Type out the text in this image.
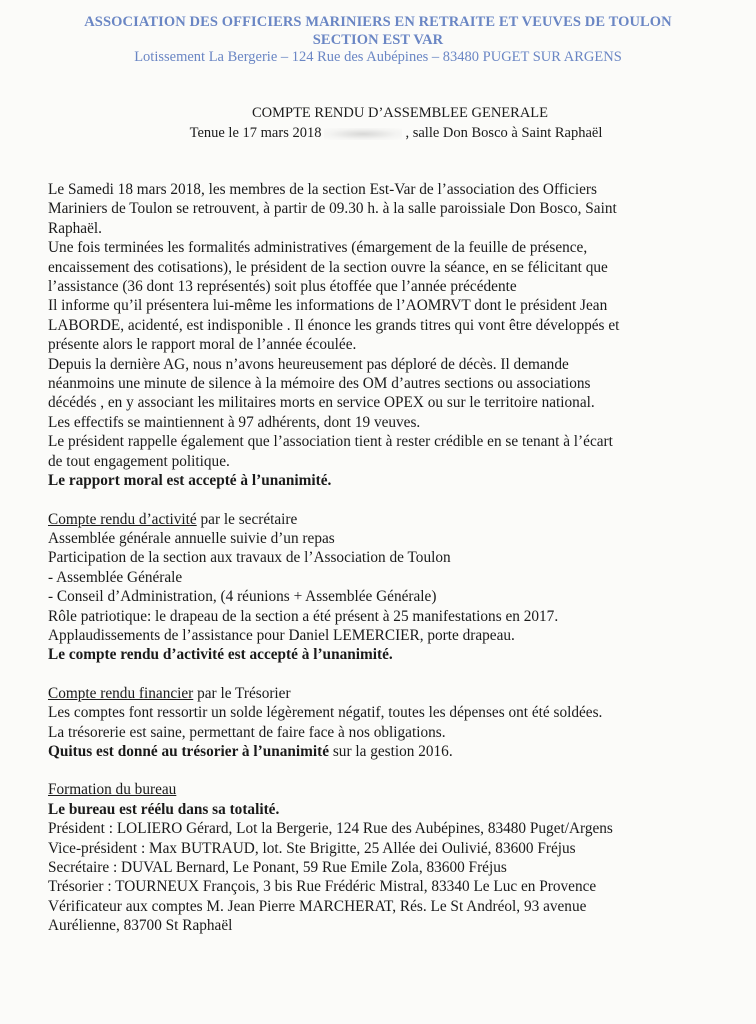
ASSOCIATION DES OFFICIERS MARINIERS EN RETRAITE ET VEUVES DE TOULON
SECTION EST VAR
Lotissement La Bergerie – 124 Rue des Aubépines – 83480 PUGET SUR ARGENS
COMPTE RENDU D’ASSEMBLEE GENERALE
Tenue le 17 mars 2018	, salle Don Bosco à Saint Raphaël

Le Samedi 18 mars 2018, les membres de la section Est-Var de l’association des Officiers

Mariniers de Toulon se retrouvent, à partir de 09.30 h. à la salle paroissiale Don Bosco, Saint

Raphaël.

Une fois terminées les formalités administratives (émargement de la feuille de présence,

encaissement des cotisations), le président de la section ouvre la séance, en se félicitant que

l’assistance (36 dont 13 représentés) soit plus étoffée que l’année précédente

Il informe qu’il présentera lui-même les informations de l’AOMRVT dont le président Jean

LABORDE, acidenté, est indisponible . Il énonce les grands titres qui vont être développés et

présente alors le rapport moral de l’année écoulée.

Depuis la dernière AG, nous n’avons heureusement pas déploré de décès. Il demande

néanmoins une minute de silence à la mémoire des OM d’autres sections ou associations

décédés , en y associant les militaires morts en service OPEX ou sur le territoire national.

Les effectifs se maintiennent à 97 adhérents, dont 19 veuves.

Le président rappelle également que l’association tient à rester crédible en se tenant à l’écart

de tout engagement politique.

Le rapport moral est accepté à l’unanimité.

Compte rendu d’activité par le secrétaire

Assemblée générale annuelle suivie d’un repas

Participation de la section aux travaux de l’Association de Toulon

- Assemblée Générale

- Conseil d’Administration, (4 réunions + Assemblée Générale)

Rôle patriotique: le drapeau de la section a été présent à 25 manifestations en 2017.

Applaudissements de l’assistance pour Daniel LEMERCIER, porte drapeau.

Le compte rendu d’activité est accepté à l’unanimité.

Compte rendu financier par le Trésorier

Les comptes font ressortir un solde légèrement négatif, toutes les dépenses ont été soldées.

La trésorerie est saine, permettant de faire face à nos obligations.

Quitus est donné au trésorier à l’unanimité sur la gestion 2016.

Formation du bureau

Le bureau est réélu dans sa totalité.

Président : LOLIERO Gérard, Lot la Bergerie, 124 Rue des Aubépines, 83480 Puget/Argens

Vice-président : Max BUTRAUD, lot. Ste Brigitte, 25 Allée dei Oulivié, 83600 Fréjus

Secrétaire : DUVAL Bernard, Le Ponant, 59 Rue Emile Zola, 83600 Fréjus

Trésorier : TOURNEUX François, 3 bis Rue Frédéric Mistral, 83340 Le Luc en Provence

Vérificateur aux comptes M. Jean Pierre MARCHERAT, Rés. Le St Andréol, 93 avenue

Aurélienne, 83700 St Raphaël
